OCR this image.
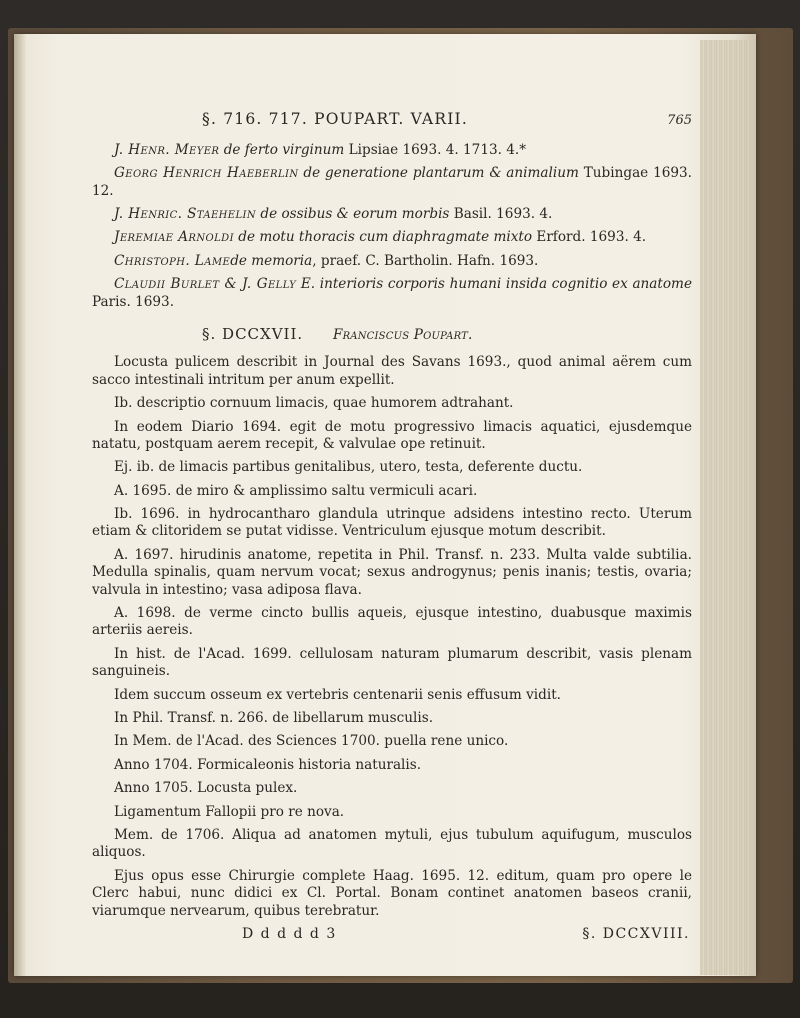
§. 716. 717. POUPART. VARII.	765

J. Henr. Meyer de ferto virginum Lipsiae 1693. 4. 1713. 4.*

Georg Henrich Haeberlin de generatione plantarum & animalium Tubingae 1693. 12.

J. Henric. Staehelin de ossibus & eorum morbis Basil. 1693. 4.

Jeremiae Arnoldi de motu thoracis cum diaphragmate mixto Erford. 1693. 4.

Christoph. Lamede memoria, praef. C. Bartholin. Hafn. 1693.

Claudii Burlet & J. Gelly E. interioris corporis humani insida cognitio ex anatome Paris. 1693.

§. DCCXVII. Franciscus Poupart.

Locusta pulicem describit in Journal des Savans 1693., quod animal aërem cum sacco intestinali intritum per anum expellit.

Ib. descriptio cornuum limacis, quae humorem adtrahant.

In eodem Diario 1694. egit de motu progressivo limacis aquatici, ejusdemque natatu, postquam aerem recepit, & valvulae ope retinuit.

Ej. ib. de limacis partibus genitalibus, utero, testa, deferente ductu.

A. 1695. de miro & amplissimo saltu vermiculi acari.

Ib. 1696. in hydrocantharo glandula utrinque adsidens intestino recto. Uterum etiam & clitoridem se putat vidisse. Ventriculum ejusque motum describit.

A. 1697. hirudinis anatome, repetita in Phil. Transf. n. 233. Multa valde subtilia. Medulla spinalis, quam nervum vocat; sexus androgynus; penis inanis; testis, ovaria; valvula in intestino; vasa adiposa flava.

A. 1698. de verme cincto bullis aqueis, ejusque intestino, duabusque maximis arteriis aereis.

In hist. de l'Acad. 1699. cellulosam naturam plumarum describit, vasis plenam sanguineis.

Idem succum osseum ex vertebris centenarii senis effusum vidit.

In Phil. Transf. n. 266. de libellarum musculis.

In Mem. de l'Acad. des Sciences 1700. puella rene unico.

Anno 1704. Formicaleonis historia naturalis.

Anno 1705. Locusta pulex.

Ligamentum Fallopii pro re nova.

Mem. de 1706. Aliqua ad anatomen mytuli, ejus tubulum aquifugum, musculos aliquos.

Ejus opus esse Chirurgie complete Haag. 1695. 12. editum, quam pro opere le Clerc habui, nunc didici ex Cl. Portal. Bonam continet anatomen baseos cranii, viarumque nervearum, quibus terebratur.

D d d d d 3	§. DCCXVIII.
